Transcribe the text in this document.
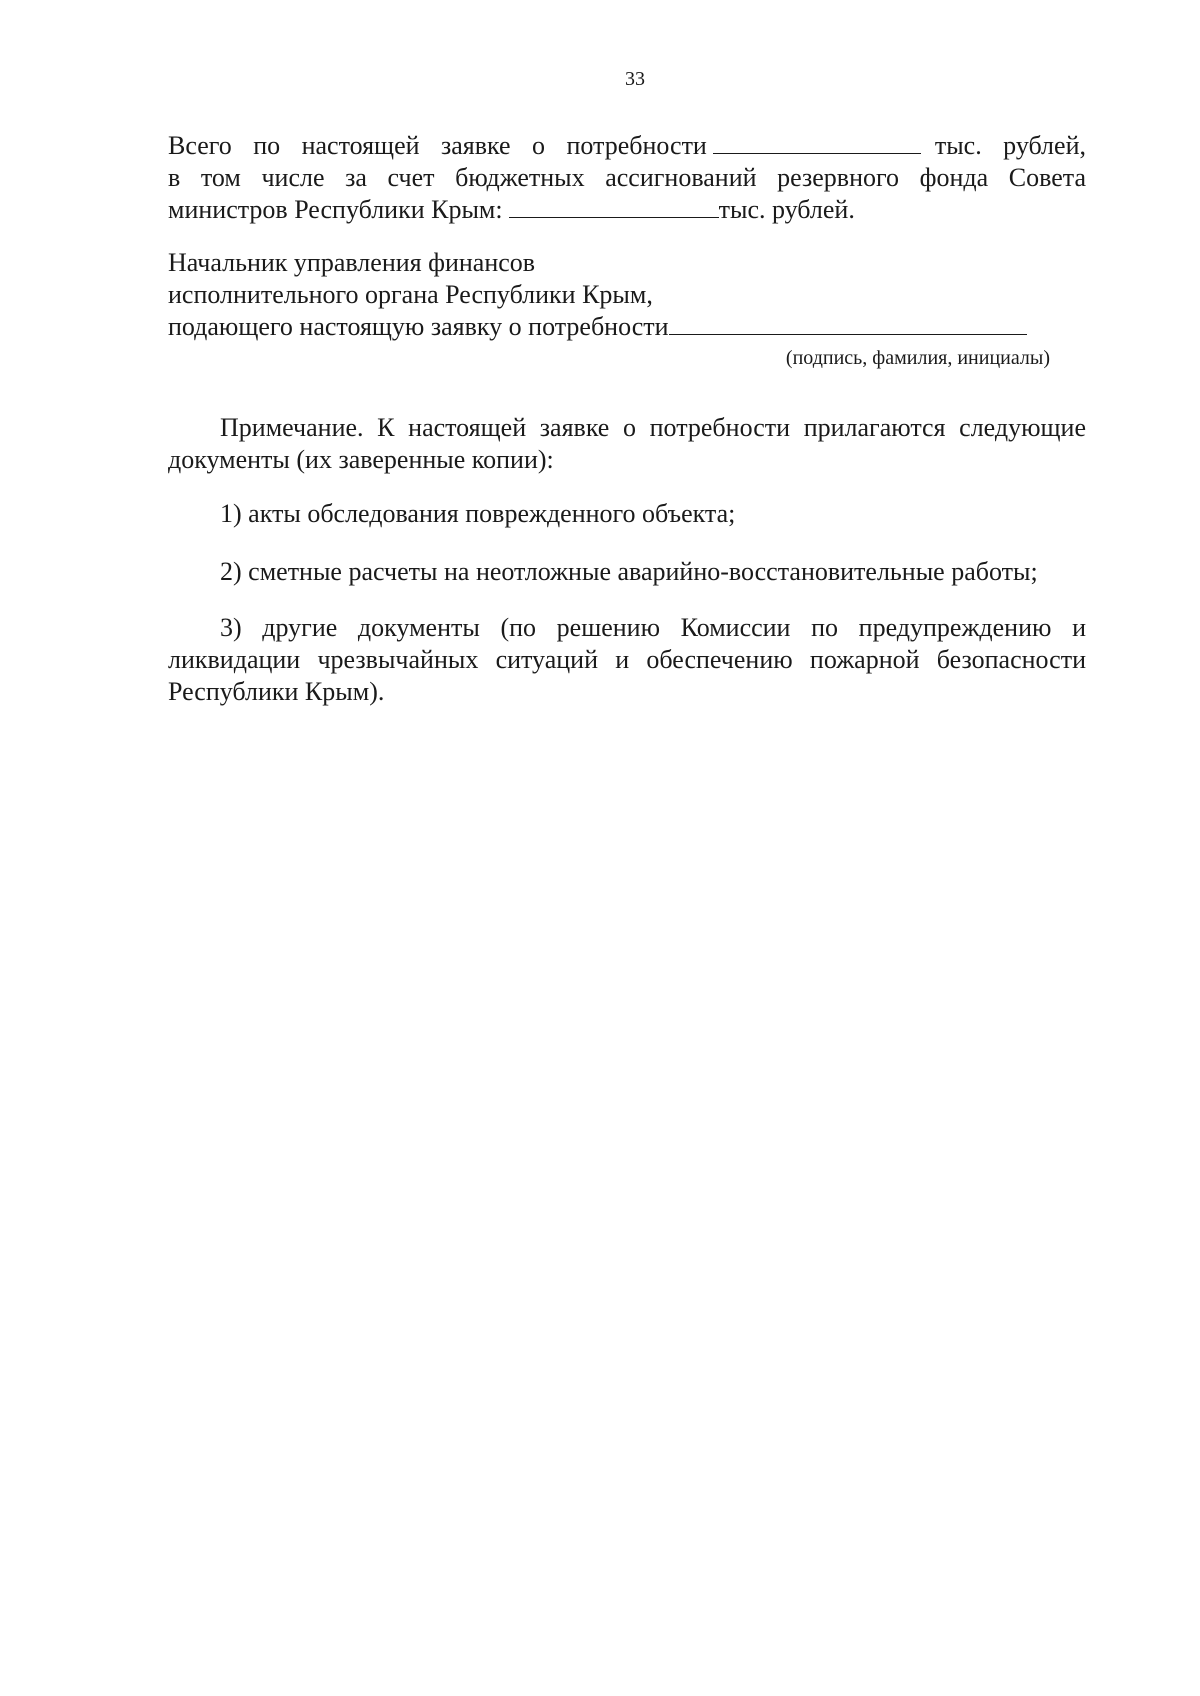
33
Всего по настоящей заявке о потребности	тыс. рублей,
в том числе за счет бюджетных ассигнований резервного фонда Совета
министров Республики Крым:	тыс. рублей.
Начальник управления финансов
исполнительного органа Республики Крым,
подающего настоящую заявку о потребности
(подпись, фамилия, инициалы)
Примечание. К настоящей заявке о потребности прилагаются следующие документы (их заверенные копии):
1) акты обследования поврежденного объекта;
2) сметные расчеты на неотложные аварийно-восстановительные работы;
3) другие документы (по решению Комиссии по предупреждению и ликвидации чрезвычайных ситуаций и обеспечению пожарной безопасности Республики Крым).
